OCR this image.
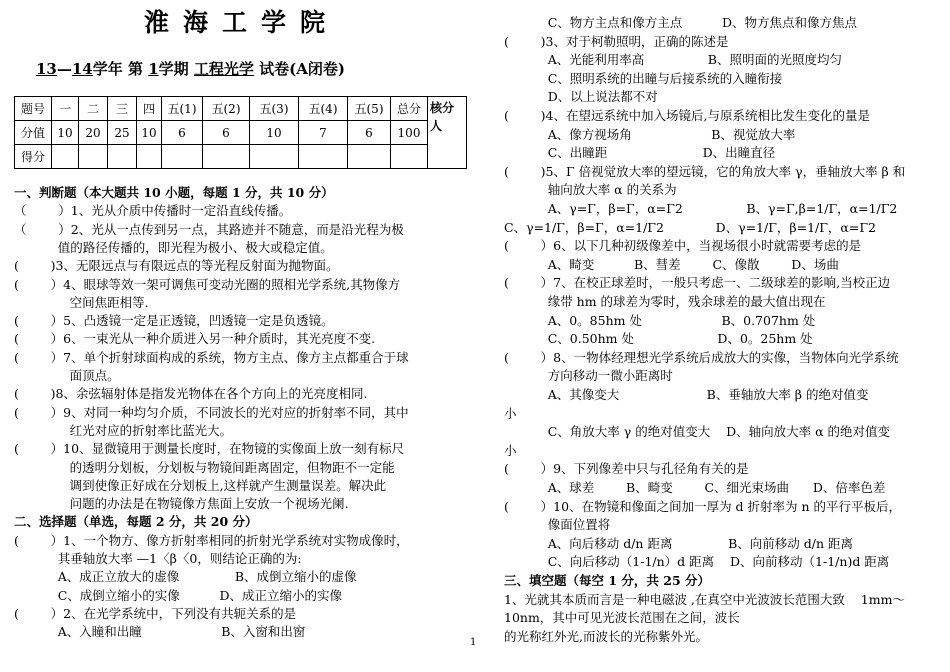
淮海工学院
13—14学年 第 1学期 工程光学 试卷(A闭卷)
题号	一	二	三	四	五(1)	五(2)	五(3)	五(4)	五(5)	总分	核分人
分值	10	20	25	10	6	6	10	7	6	100	
得分											
一、判断题（本大题共 10 小题，每题 1 分，共 10 分）
（        ）1、光从介质中传播时一定沿直线传播。
（        ）2、光从一点传到另一点，其路迹并不随意，而是沿光程为极
值的路径传播的，即光程为极小、极大或稳定值。
(        )3、无限远点与有限远点的等光程反射面为抛物面。
(        ）4、眼球等效一架可调焦可变动光圈的照相光学系统,其物像方
空间焦距相等.
(        ）5、凸透镜一定是正透镜，凹透镜一定是负透镜。
(        ）6、一束光从一种介质进入另一种介质时，其光亮度不变.
(        ）7、单个折射球面构成的系统，物方主点、像方主点都重合于球
面顶点。
(        )8、余弦辐射体是指发光物体在各个方向上的光亮度相同.
(        ）9、对同一种均匀介质，不同波长的光对应的折射率不同，其中
红光对应的折射率比蓝光大。
(        ）10、显微镜用于测量长度时，在物镜的实像面上放一刻有标尺
的透明分划板，分划板与物镜间距离固定，但物距不一定能
调到使像正好成在分划板上,这样就产生测量误差。解决此
问题的办法是在物镜像方焦面上安放一个视场光阑.
二、选择题（单选，每题 2 分，共 20 分）
(        ）1、一个物方、像方折射率相同的折射光学系统对实物成像时，
其垂轴放大率 —1〈β〈0，则结论正确的为:
A、成正立放大的虚像              B、成倒立缩小的虚像
C、成倒立缩小的实像          D、成正立缩小的实像
(        ）2、在光学系统中，下列没有共轭关系的是
A、入瞳和出瞳                    B、入窗和出窗
C、物方主点和像方主点          D、物方焦点和像方焦点
(        )3、对于柯勒照明，正确的陈述是
A、光能利用率高                B、照明面的光照度均匀
C、照明系统的出瞳与后接系统的入瞳衔接
D、以上说法都不对
(        )4、在望远系统中加入场镜后,与原系统相比发生变化的量是
A、像方视场角                    B、视觉放大率
C、出瞳距                        D、出瞳直径
(        )5、Γ 倍视觉放大率的望远镜，它的角放大率 γ，垂轴放大率 β 和
轴向放大率 α 的关系为
A、γ=Γ，β=Γ，α=Γ2                B、γ=Γ,β=1/Γ，α=1/Γ2
C、γ=1/Γ，β=Γ，α=1/Γ2             D、γ=1/Γ，β=1/Γ，α=Γ2
(        ）6、以下几种初级像差中，当视场很小时就需要考虑的是
A、畸变          B、彗差        C、像散        D、场曲
(        ）7、在校正球差时，一般只考虑一、二级球差的影响,当校正边
缘带 hm 的球差为零时，残余球差的最大值出现在
A、0。85hm 处                    B、0.707hm 处
C、0.50hm 处                     D、0。25hm 处
(        ）8、一物体经理想光学系统后成放大的实像，当物体向光学系统
方向移动一微小距离时
A、其像变大                      B、垂轴放大率 β 的绝对值变
小
C、角放大率 γ 的绝对值变大    D、轴向放大率 α 的绝对值变
小
(        ）9、下列像差中只与孔径角有关的是
A、球差        B、畸变        C、细光束场曲      D、倍率色差
(        ）10、在物镜和像面之间加一厚为 d 折射率为 n 的平行平板后，
像面位置将
A、向后移动 d/n 距离              B、向前移动 d/n 距离
C、向后移动（1-1/n）d 距离    D、向前移动（1-1/n)d 距离
三、填空题（每空 1 分，共 25 分）
1、光就其本质而言是一种电磁波 ,在真空中光波波长范围大致    1mm～
10nm，其中可见光波长范围在之间，波长
的光称红外光,而波长的光称紫外光。
1
